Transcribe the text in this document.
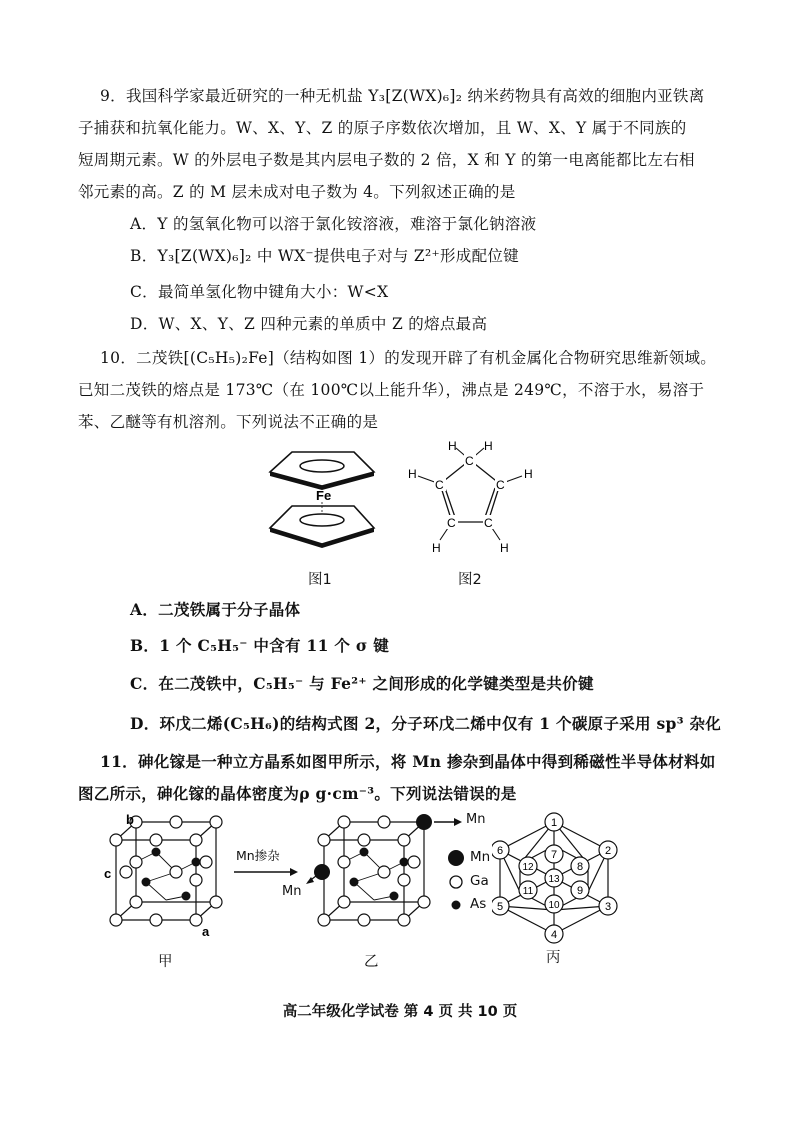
9．我国科学家最近研究的一种无机盐 Y₃[Z(WX)₆]₂ 纳米药物具有高效的细胞内亚铁离
子捕获和抗氧化能力。W、X、Y、Z 的原子序数依次增加，且 W、X、Y 属于不同族的
短周期元素。W 的外层电子数是其内层电子数的 2 倍，X 和 Y 的第一电离能都比左右相
邻元素的高。Z 的 M 层未成对电子数为 4。下列叙述正确的是
A．Y 的氢氧化物可以溶于氯化铵溶液，难溶于氯化钠溶液
B．Y₃[Z(WX)₆]₂ 中 WX⁻提供电子对与 Z²⁺形成配位键
C．最简单氢化物中键角大小：W<X
D．W、X、Y、Z 四种元素的单质中 Z 的熔点最高
10．二茂铁[(C₅H₅)₂Fe]（结构如图 1）的发现开辟了有机金属化合物研究思维新领域。
已知二茂铁的熔点是 173℃（在 100℃以上能升华），沸点是 249℃，不溶于水，易溶于
苯、乙醚等有机溶剂。下列说法不正确的是
Fe
C
C
C
C
C
H H
H
H
H
H
图1	图2
A．二茂铁属于分子晶体
B．1 个 C₅H₅⁻ 中含有 11 个 σ 键
C．在二茂铁中，C₅H₅⁻ 与 Fe²⁺ 之间形成的化学键类型是共价键
D．环戊二烯(C₅H₆)的结构式图 2，分子环戊二烯中仅有 1 个碳原子采用 sp³ 杂化
11．砷化镓是一种立方晶系如图甲所示，将 Mn 掺杂到晶体中得到稀磁性半导体材料如
图乙所示，砷化镓的晶体密度为ρ g·cm⁻³。下列说法错误的是
b
c
a
甲
Mn掺杂
Mn
Mn
乙
Mn
Ga
As
1
2
3
4
5
6	7
8
9
10
11
12
13
丙
高二年级化学试卷 第 4 页 共 10 页
